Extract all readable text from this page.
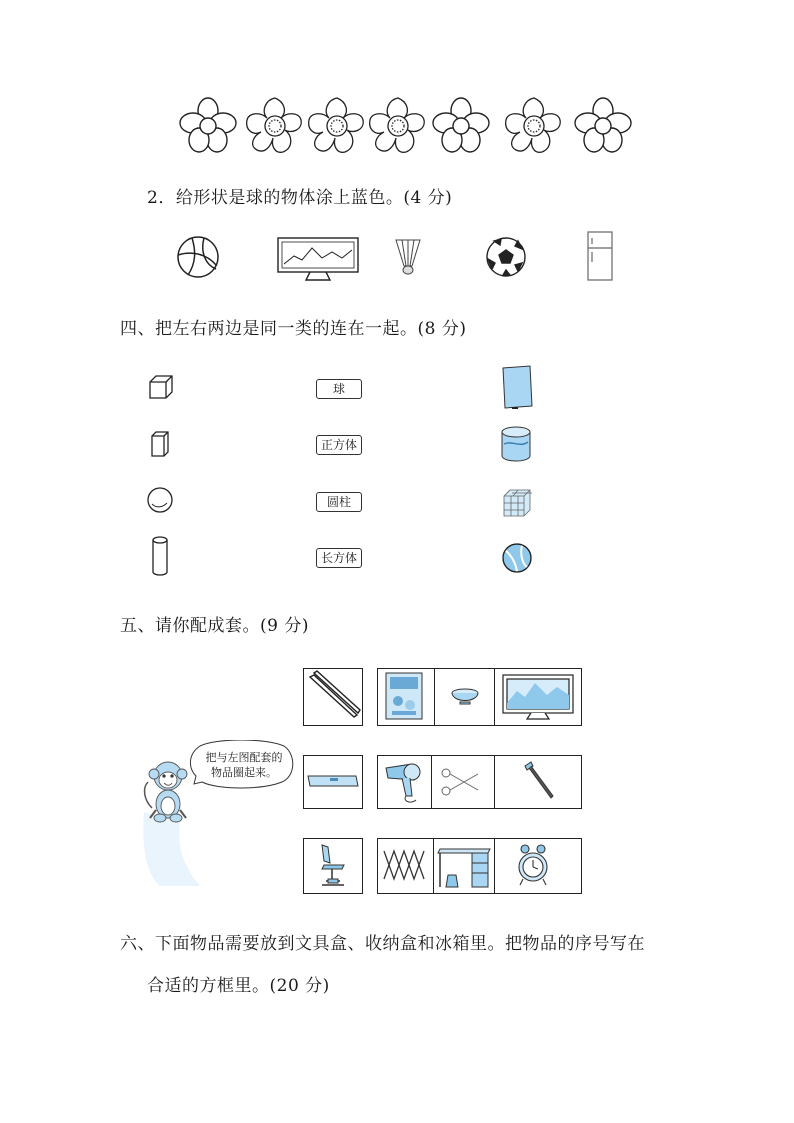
2．给形状是球的物体涂上蓝色。(4 分)
四、把左右两边是同一类的连在一起。(8 分)
球
正方体
圆柱
长方体
五、请你配成套。(9 分)
把与左图配套的
物品圈起来。
六、下面物品需要放到文具盒、收纳盒和冰箱里。把物品的序号写在
合适的方框里。(20 分)
